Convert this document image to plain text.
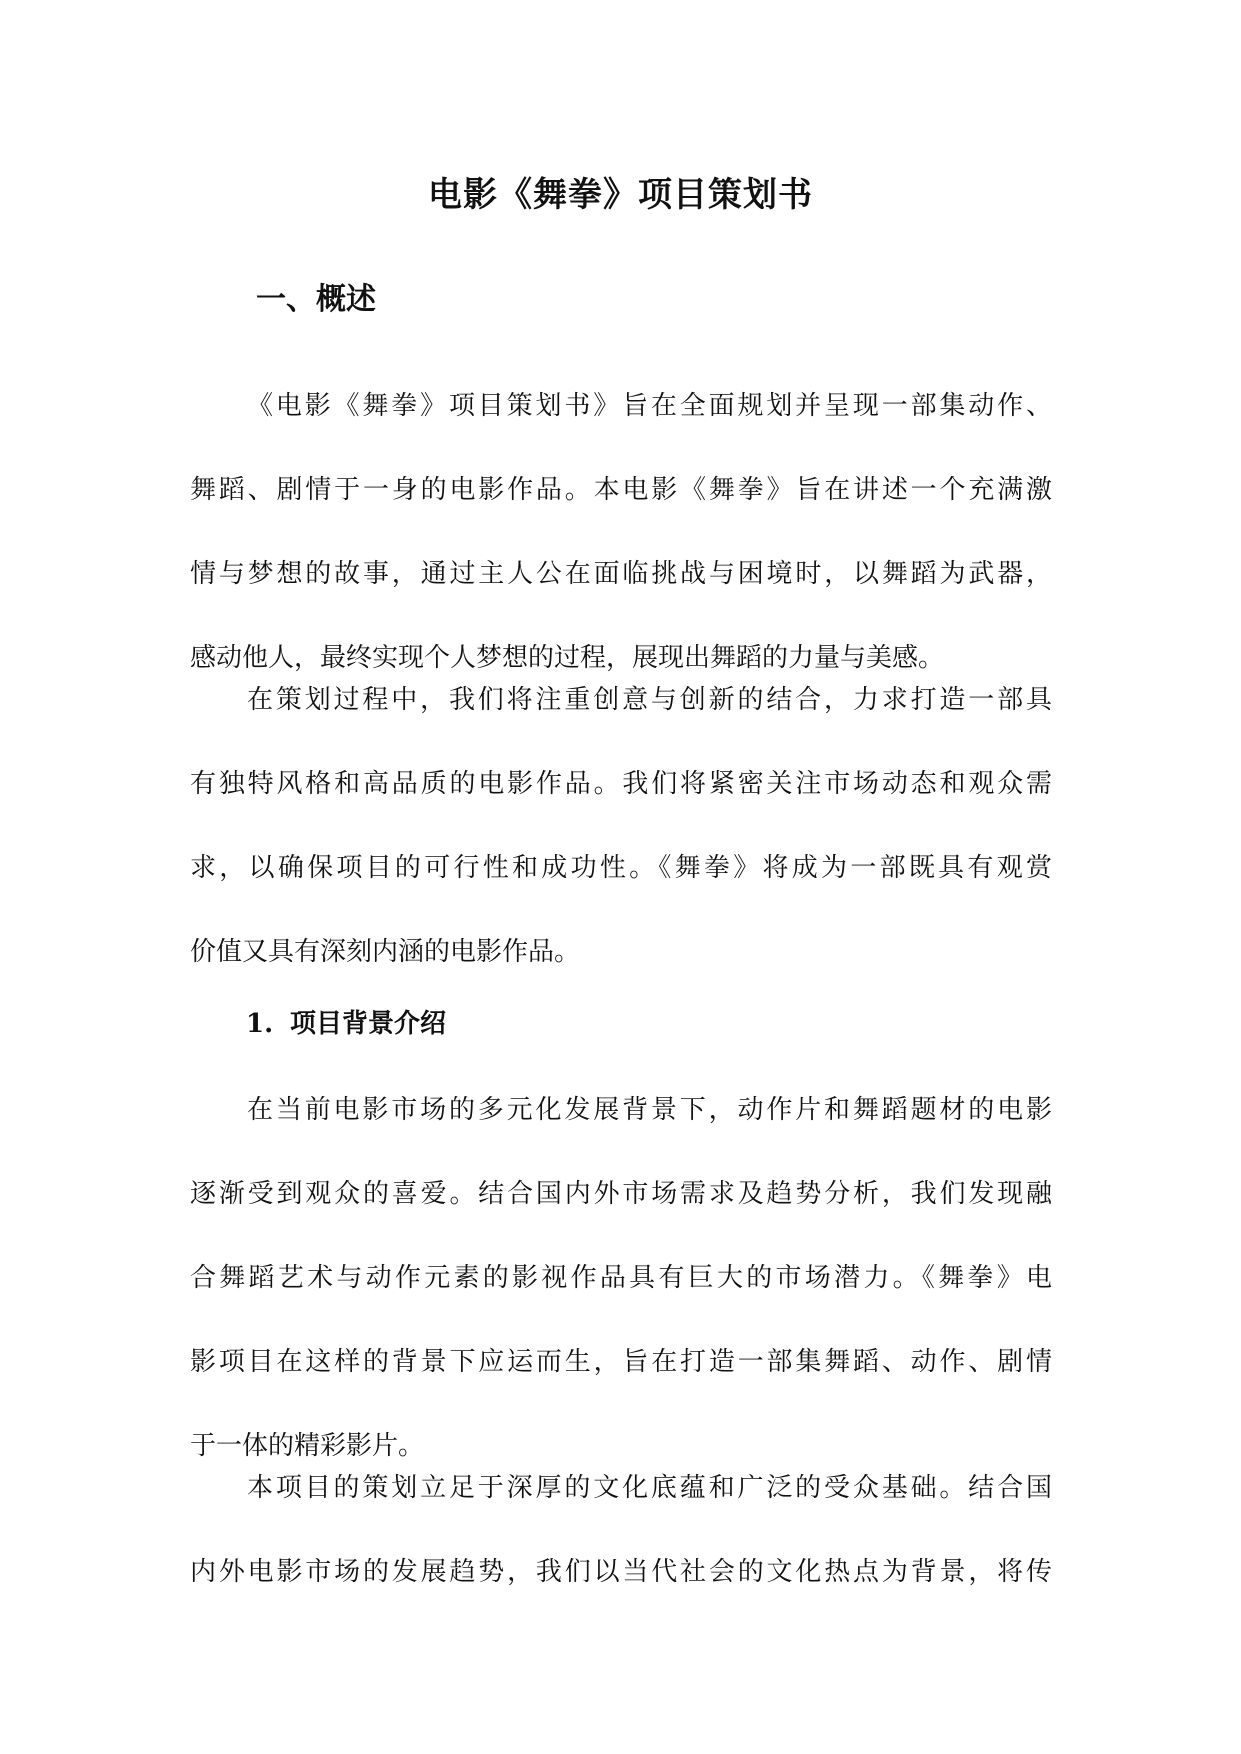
电影《舞拳》项目策划书
一、概述

《电影《舞拳》项目策划书》旨在全面规划并呈现一部集动作、
舞蹈、剧情于一身的电影作品。本电影《舞拳》旨在讲述一个充满激
情与梦想的故事，通过主人公在面临挑战与困境时，以舞蹈为武器，
感动他人，最终实现个人梦想的过程，展现出舞蹈的力量与美感。

在策划过程中，我们将注重创意与创新的结合，力求打造一部具
有独特风格和高品质的电影作品。我们将紧密关注市场动态和观众需
求，以确保项目的可行性和成功性。《舞拳》将成为一部既具有观赏
价值又具有深刻内涵的电影作品。

1. 项目背景介绍

在当前电影市场的多元化发展背景下，动作片和舞蹈题材的电影
逐渐受到观众的喜爱。结合国内外市场需求及趋势分析，我们发现融
合舞蹈艺术与动作元素的影视作品具有巨大的市场潜力。《舞拳》电
影项目在这样的背景下应运而生，旨在打造一部集舞蹈、动作、剧情
于一体的精彩影片。

本项目的策划立足于深厚的文化底蕴和广泛的受众基础。结合国
内外电影市场的发展趋势，我们以当代社会的文化热点为背景，将传
